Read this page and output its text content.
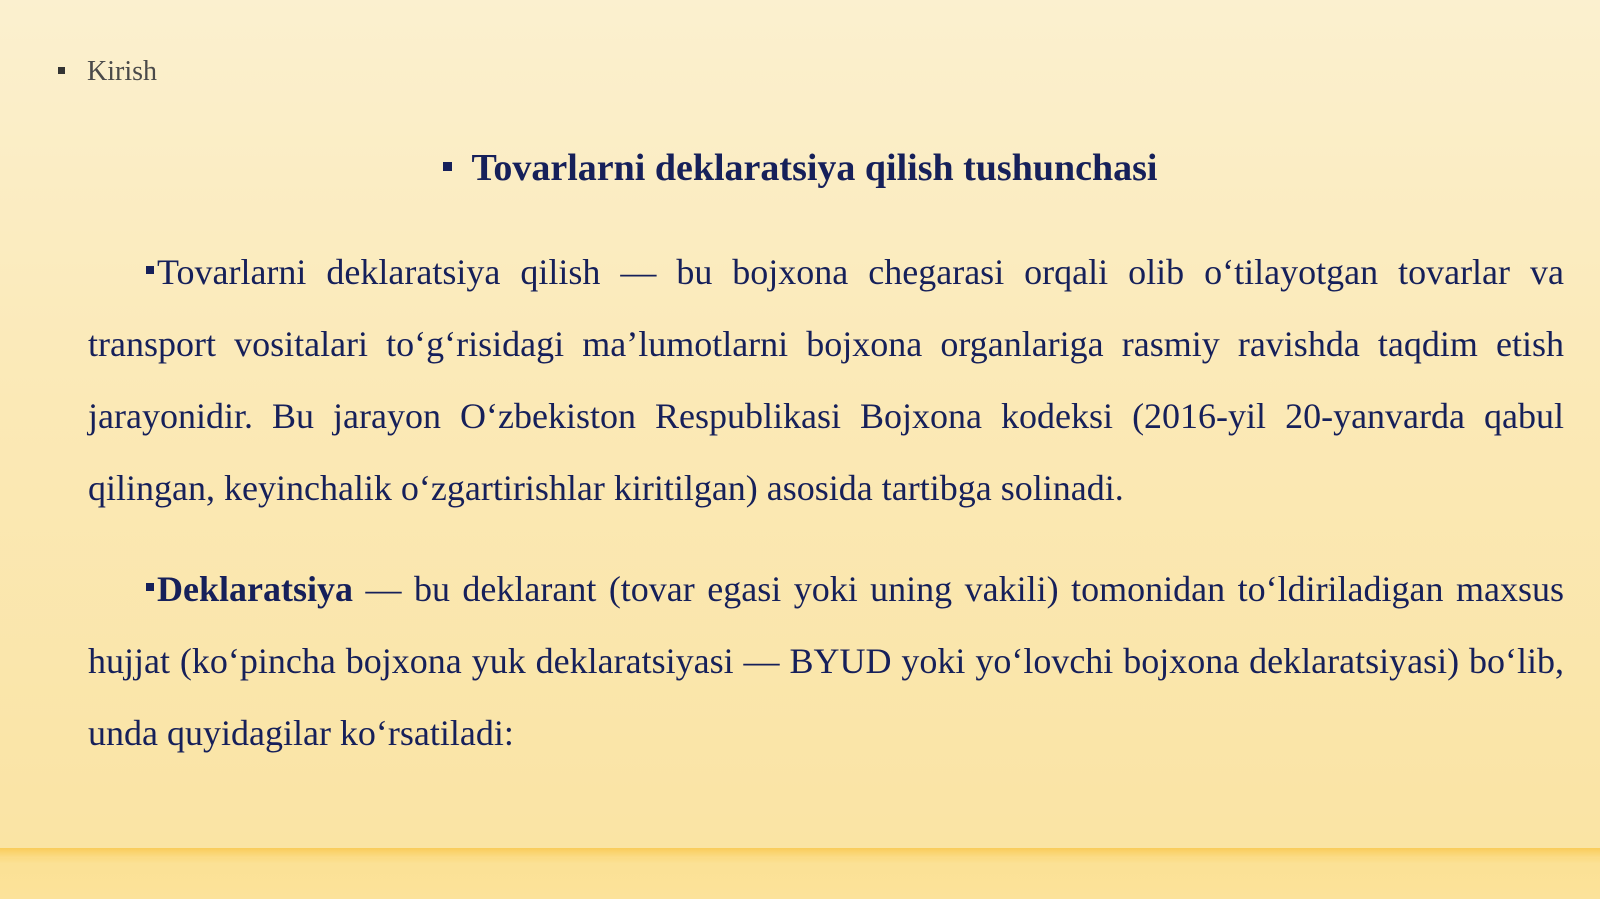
Kirish
Tovarlarni deklaratsiya qilish tushunchasi
Tovarlarni deklaratsiya qilish — bu bojxona chegarasi orqali olib o‘tilayotgan tovarlar va transport vositalari to‘g‘risidagi ma’lumotlarni bojxona organlariga rasmiy ravishda taqdim etish jarayonidir. Bu jarayon O‘zbekiston Respublikasi Bojxona kodeksi (2016-yil 20-yanvarda qabul qilingan, keyinchalik o‘zgartirishlar kiritilgan) asosida tartibga solinadi.
Deklaratsiya — bu deklarant (tovar egasi yoki uning vakili) tomonidan to‘ldiriladigan maxsus hujjat (ko‘pincha bojxona yuk deklaratsiyasi — BYUD yoki yo‘lovchi bojxona deklaratsiyasi) bo‘lib, unda quyidagilar ko‘rsatiladi:
